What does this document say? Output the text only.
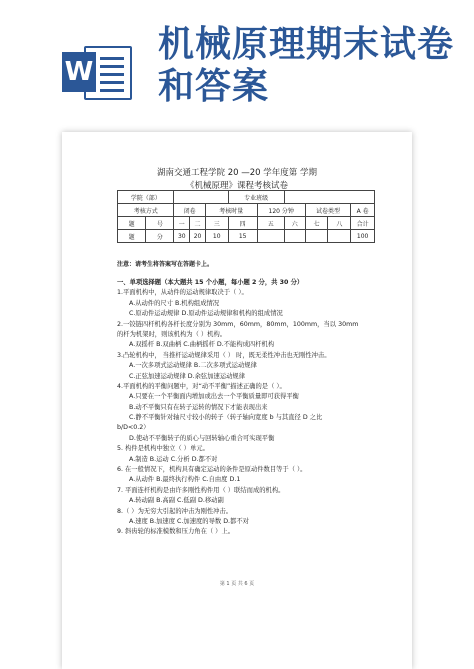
W
机械原理期末试卷
和答案
湖南交通工程学院 20 —20 学年度第 学期
《机械原理》课程考核试卷
学院（部）					专业班级					
考核方式		闭卷		考核时量		120 分钟		试卷类型		A 卷
题	号	一	二	三	四	五	六	七	八	合计
题	分	30	20	10	15					100
注意：请考生将答案写在答题卡上。
一、单项选择题（本大题共 15 个小题，每小题 2 分，共 30 分）
1.平面机构中，从动件的运动规律取决于（ ）。
A.从动件的尺寸 B.机构组成情况
C.原动件运动规律 D.原动件运动规律和机构的组成情况
2.一铰链四杆机构各杆长度分别为 30mm，60mm，80mm，100mm，当以 30mm
的杆为机架时，则该机构为（ ）机构。
A.双摇杆 B.双曲柄 C.曲柄摇杆 D.不能构成四杆机构
3.凸轮机构中， 当推杆运动规律采用（ ） 时，既无柔性冲击也无刚性冲击。
A.一次多项式运动规律 B.二次多项式运动规律
C.正弦加速运动规律 D.余弦加速运动规律
4.平面机构的平衡问题中，对“动不平衡”描述正确的是（ ）。
A.只要在一个平衡面内增加或出去一个平衡质量即可获得平衡
B.动不平衡只有在转子运转的情况下才能表现出来
C.静不平衡针对轴尺寸较小的转子（转子轴向宽度 b 与其直径 D 之比
b/D<0.2）
D.使动不平衡转子的质心与回转轴心重合可实现平衡
5. 构件是机构中独立（ ）单元。
A.制造 B.运动 C.分析 D.都不对
6. 在一般情况下，机构具有确定运动的条件是原动件数目等于（ ）。
A.从动件 B.最终执行构件 C.自由度 D.1
7. 平面连杆机构是由许多刚性构件用（ ）联结而成的机构。
A.转动副 B.高副 C.低副 D.移动副
8.（ ）为无穷大引起的冲击为刚性冲击。
A.速度 B.加速度 C.加速度的导数 D.都不对
9. 斜齿轮的标准模数和压力角在（ ）上。
第 1 页 共 6 页
